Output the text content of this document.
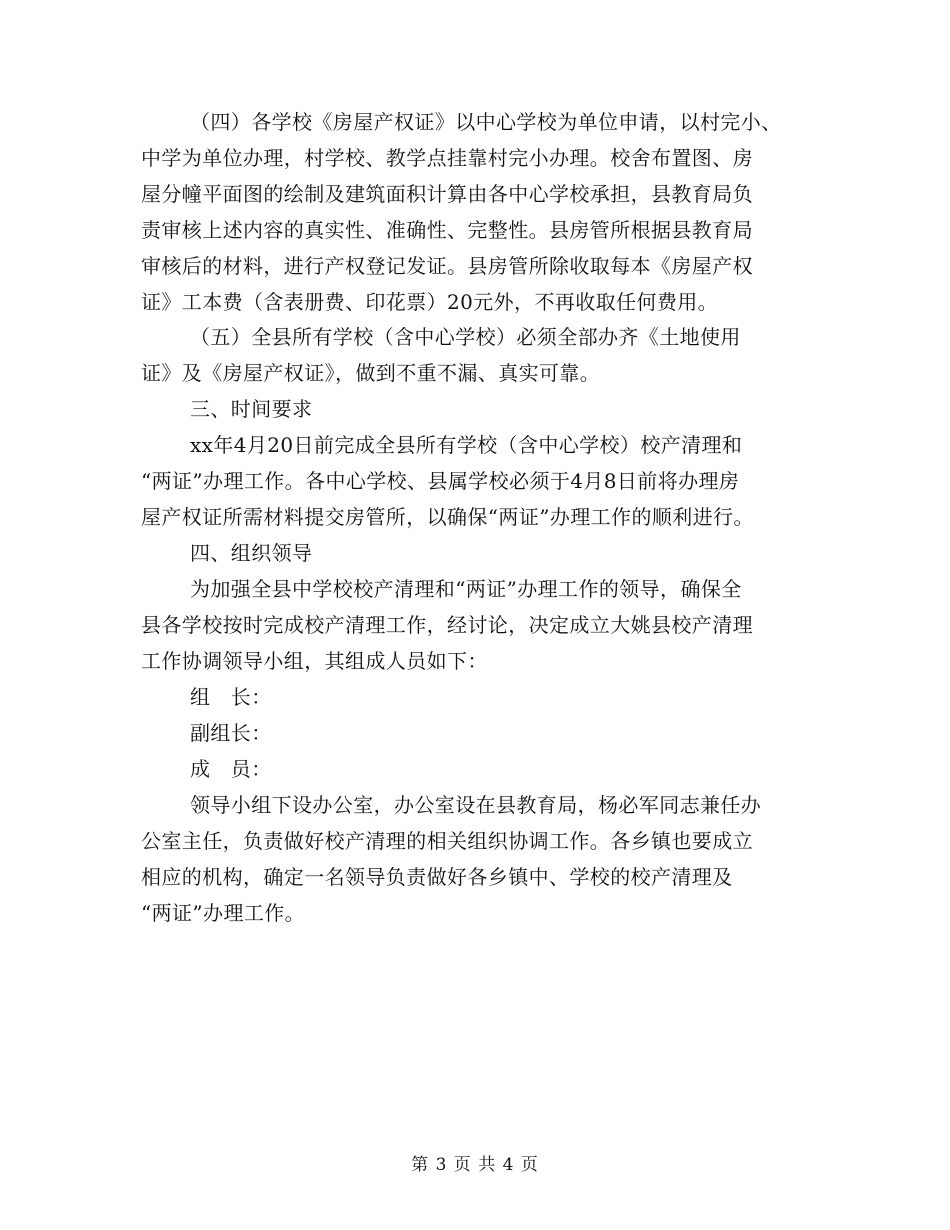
（四）各学校《房屋产权证》以中心学校为单位申请，以村完小、
中学为单位办理，村学校、教学点挂靠村完小办理。校舍布置图、房
屋分幢平面图的绘制及建筑面积计算由各中心学校承担，县教育局负
责审核上述内容的真实性、准确性、完整性。县房管所根据县教育局
审核后的材料，进行产权登记发证。县房管所除收取每本《房屋产权
证》工本费（含表册费、印花票）20元外，不再收取任何费用。
（五）全县所有学校（含中心学校）必须全部办齐《土地使用
证》及《房屋产权证》，做到不重不漏、真实可靠。
三、时间要求
xx年4月20日前完成全县所有学校（含中心学校）校产清理和
“两证”办理工作。各中心学校、县属学校必须于4月8日前将办理房
屋产权证所需材料提交房管所，以确保“两证”办理工作的顺利进行。
四、组织领导
为加强全县中学校校产清理和“两证”办理工作的领导，确保全
县各学校按时完成校产清理工作，经讨论，决定成立大姚县校产清理
工作协调领导小组，其组成人员如下：
组　长：
副组长：
成　员：
领导小组下设办公室，办公室设在县教育局，杨必军同志兼任办
公室主任，负责做好校产清理的相关组织协调工作。各乡镇也要成立
相应的机构，确定一名领导负责做好各乡镇中、学校的校产清理及
“两证”办理工作。
第 3 页 共 4 页
